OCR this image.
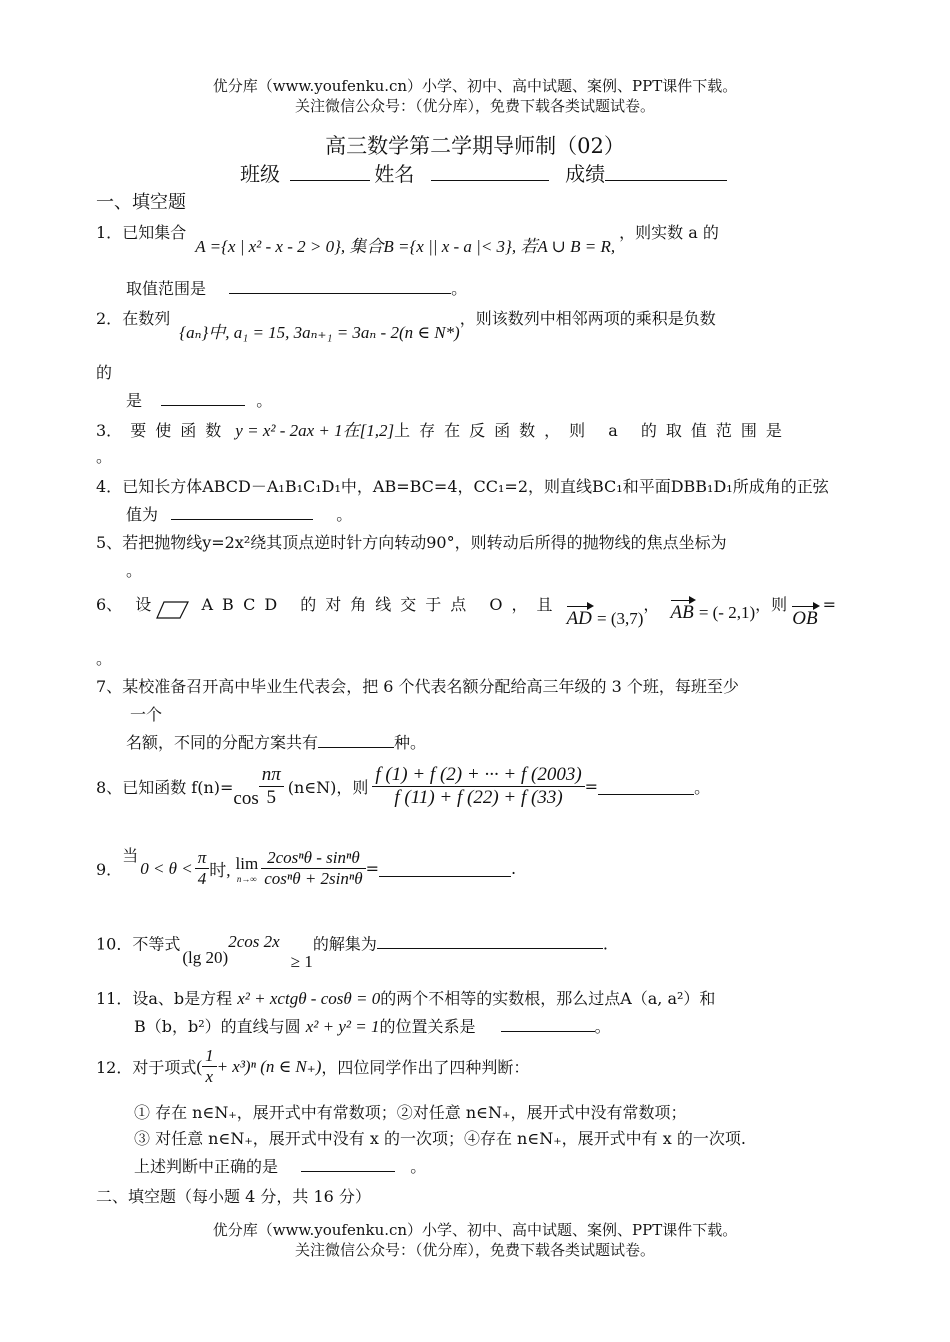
优分库（www.youfenku.cn）小学、初中、高中试题、案例、PPT课件下载。
关注微信公众号：（优分库），免费下载各类试题试卷。
高三数学第二学期导师制（02）
班级	姓名	成绩
一、填空题
1．已知集合 A ={x | x² - x - 2 > 0}, 集合B ={x || x - a |< 3}, 若A ∪ B = R,，则实数 a 的
取值范围是	。
2．在数列 {aₙ}中, a₁ = 15, 3aₙ₊₁ = 3aₙ - 2(n ∈ N*)，则该数列中相邻两项的乘积是负数
的
是	。
3． 要使函数 y = x² - 2ax + 1在[1,2]上存在反函数，则 a 的取值范围是
。
4．已知长方体ABCD－A₁B₁C₁D₁中，AB=BC=4，CC₁=2，则直线BC₁和平面DBB₁D₁所成角的正弦
值为	。
5、若把抛物线y=2x²绕其顶点逆时针方向转动90°，则转动后所得的抛物线的焦点坐标为
。
6、 设	ABCD 的对角线交于点 O，且 AD = (3,7)， AB = (- 2,1)，则 OB =
。
7、某校准备召开高中毕业生代表会，把 6 个代表名额分配给高三年级的 3 个班，每班至少
一个
名额，不同的分配方案共有	种。
8、 已知函数 $f(n)= \cos \frac{n\pi}{5}$ (n∈N)，则 $\frac{f (1) + f (2) + \cdot\cdot\cdot + f (2003)}{f (11) + f (22) + f (33)}$ =	。
9．
当
$0 < \theta < \frac{\pi}{4}$ 时, lim
$n\to\infty \frac{\text{2cosⁿθ - sinⁿθ}}{\text{cosⁿθ + 2sinⁿθ}}$ =	.
10．不等式(lg 20)$^{2cos 2x}$ ≥ 1的解集为	.
11．设a、b是方程 x² + xctgθ - cosθ = 0的两个不相等的实数根，那么过点A（a, a²）和
B（b，b²）的直线与圆 x² + y² = 1的位置关系是	。
12． 对于项式 ( $\frac{1}{x} + x^3)^n$ (n ∈ N₊) ，四位同学作出了四种判断：
① 存在 n∈N₊，展开式中有常数项；②对任意 n∈N₊，展开式中没有常数项；
③ 对任意 n∈N₊，展开式中没有 x 的一次项；④存在 n∈N₊，展开式中有 x 的一次项.
上述判断中正确的是	。
二、填空题（每小题 4 分，共 16 分）
优分库（www.youfenku.cn）小学、初中、高中试题、案例、PPT课件下载。
关注微信公众号：（优分库），免费下载各类试题试卷。
